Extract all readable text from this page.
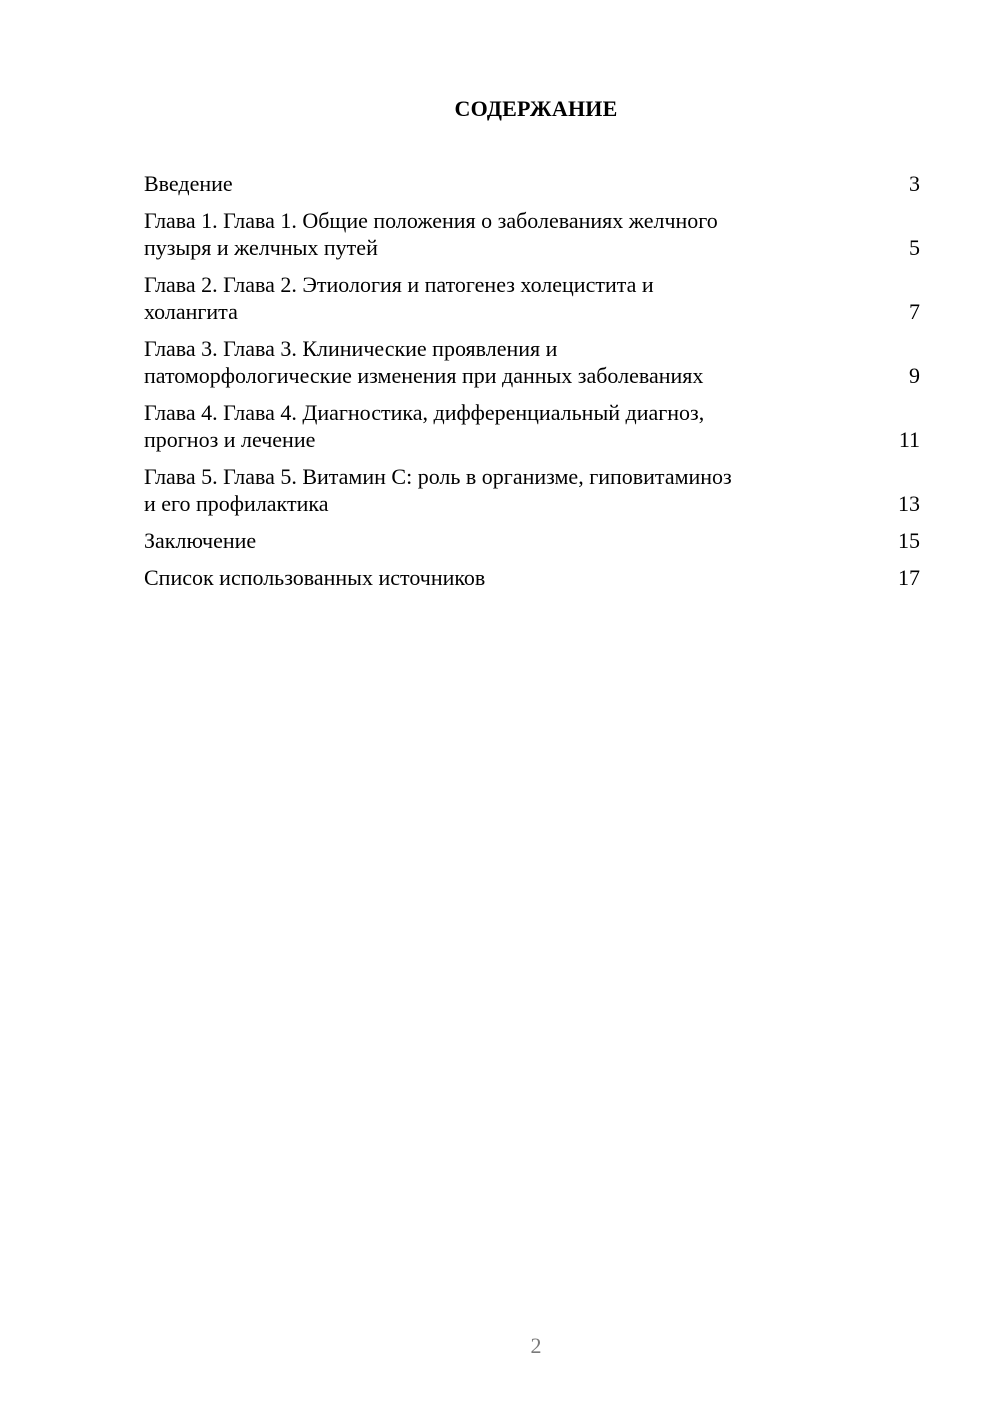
СОДЕРЖАНИЕ
Введение	3
Глава 1. Глава 1. Общие положения о заболеваниях желчного
пузыря и желчных путей	5
Глава 2. Глава 2. Этиология и патогенез холецистита и
холангита	7
Глава 3. Глава 3. Клинические проявления и
патоморфологические изменения при данных заболеваниях	9
Глава 4. Глава 4. Диагностика, дифференциальный диагноз,
прогноз и лечение	11
Глава 5. Глава 5. Витамин С: роль в организме, гиповитаминоз
и его профилактика	13
Заключение	15
Список использованных источников	17
2
